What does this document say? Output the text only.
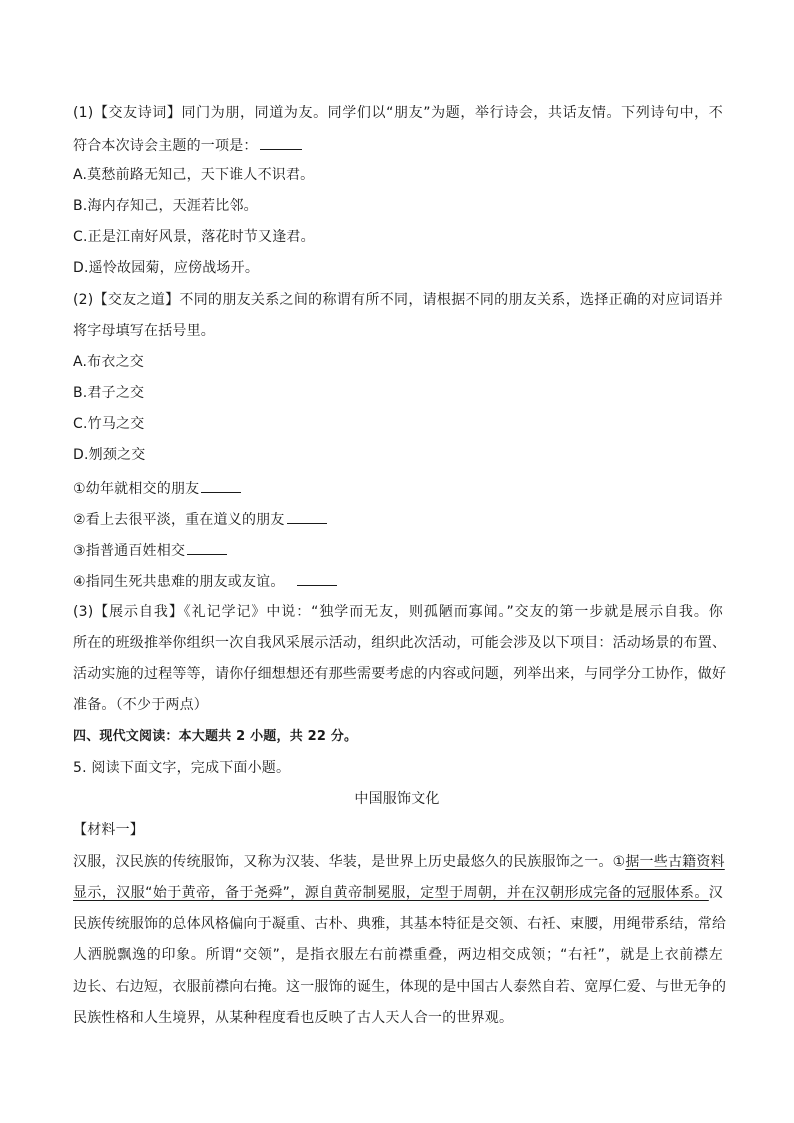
(1)【交友诗词】同门为朋，同道为友。同学们以“朋友”为题，举行诗会，共话友情。下列诗句中，不
符合本次诗会主题的一项是：
A.莫愁前路无知己，天下谁人不识君。
B.海内存知己，天涯若比邻。
C.正是江南好风景，落花时节又逢君。
D.遥怜故园菊，应傍战场开。
(2)【交友之道】不同的朋友关系之间的称谓有所不同，请根据不同的朋友关系，选择正确的对应词语并
将字母填写在括号里。
A.布衣之交
B.君子之交
C.竹马之交
D.刎颈之交
①幼年就相交的朋友
②看上去很平淡，重在道义的朋友
③指普通百姓相交
④指同生死共患难的朋友或友谊。
(3)【展示自我】《礼记学记》中说：“独学而无友，则孤陋而寡闻。”交友的第一步就是展示自我。你
所在的班级推举你组织一次自我风采展示活动，组织此次活动，可能会涉及以下项目：活动场景的布置、
活动实施的过程等等，请你仔细想想还有那些需要考虑的内容或问题，列举出来，与同学分工协作，做好
准备。（不少于两点）
四、现代文阅读：本大题共 2 小题，共 22 分。
5. 阅读下面文字，完成下面小题。
中国服饰文化
【材料一】
汉服，汉民族的传统服饰，又称为汉装、华装，是世界上历史最悠久的民族服饰之一。①据一些古籍资料
显示，汉服“始于黄帝，备于尧舜”，源自黄帝制冕服，定型于周朝，并在汉朝形成完备的冠服体系。汉
民族传统服饰的总体风格偏向于凝重、古朴、典雅，其基本特征是交领、右衽、束腰，用绳带系结，常给
人洒脱飘逸的印象。所谓“交领”，是指衣服左右前襟重叠，两边相交成领；“右衽”，就是上衣前襟左
边长、右边短，衣服前襟向右掩。这一服饰的诞生，体现的是中国古人泰然自若、宽厚仁爱、与世无争的
民族性格和人生境界，从某种程度看也反映了古人天人合一的世界观。
